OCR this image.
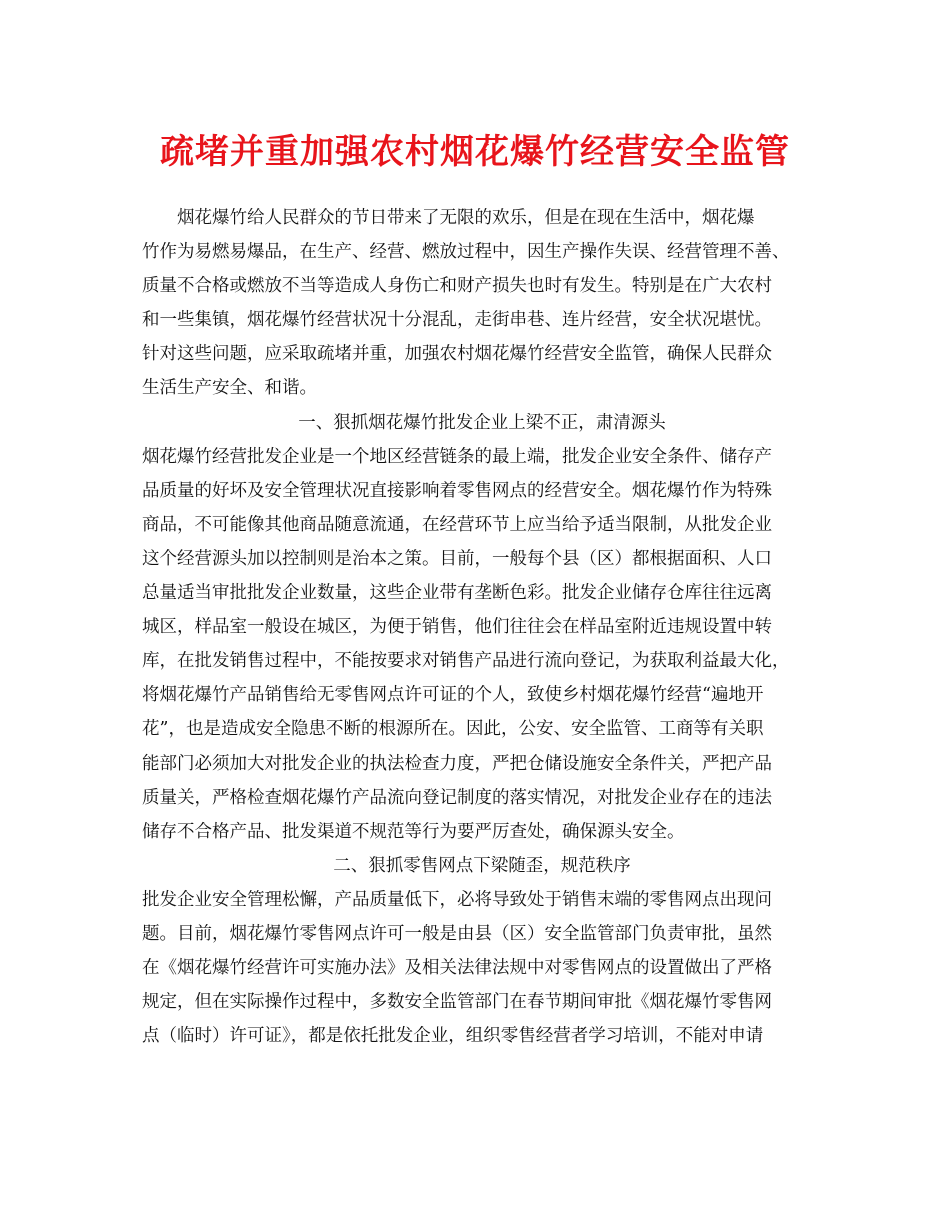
疏堵并重加强农村烟花爆竹经营安全监管
　　烟花爆竹给人民群众的节日带来了无限的欢乐，但是在现在生活中，烟花爆
竹作为易燃易爆品，在生产、经营、燃放过程中，因生产操作失误、经营管理不善、
质量不合格或燃放不当等造成人身伤亡和财产损失也时有发生。特别是在广大农村
和一些集镇，烟花爆竹经营状况十分混乱，走街串巷、连片经营，安全状况堪忧。
针对这些问题，应采取疏堵并重，加强农村烟花爆竹经营安全监管，确保人民群众
生活生产安全、和谐。
一、狠抓烟花爆竹批发企业上梁不正，肃清源头
烟花爆竹经营批发企业是一个地区经营链条的最上端，批发企业安全条件、储存产
品质量的好坏及安全管理状况直接影响着零售网点的经营安全。烟花爆竹作为特殊
商品，不可能像其他商品随意流通，在经营环节上应当给予适当限制，从批发企业
这个经营源头加以控制则是治本之策。目前，一般每个县（区）都根据面积、人口
总量适当审批批发企业数量，这些企业带有垄断色彩。批发企业储存仓库往往远离
城区，样品室一般设在城区，为便于销售，他们往往会在样品室附近违规设置中转
库，在批发销售过程中，不能按要求对销售产品进行流向登记，为获取利益最大化，
将烟花爆竹产品销售给无零售网点许可证的个人，致使乡村烟花爆竹经营“遍地开
花”，也是造成安全隐患不断的根源所在。因此，公安、安全监管、工商等有关职
能部门必须加大对批发企业的执法检查力度，严把仓储设施安全条件关，严把产品
质量关，严格检查烟花爆竹产品流向登记制度的落实情况，对批发企业存在的违法
储存不合格产品、批发渠道不规范等行为要严厉查处，确保源头安全。
二、狠抓零售网点下梁随歪，规范秩序
批发企业安全管理松懈，产品质量低下，必将导致处于销售末端的零售网点出现问
题。目前，烟花爆竹零售网点许可一般是由县（区）安全监管部门负责审批，虽然
在《烟花爆竹经营许可实施办法》及相关法律法规中对零售网点的设置做出了严格
规定，但在实际操作过程中，多数安全监管部门在春节期间审批《烟花爆竹零售网
点（临时）许可证》，都是依托批发企业，组织零售经营者学习培训，不能对申请
